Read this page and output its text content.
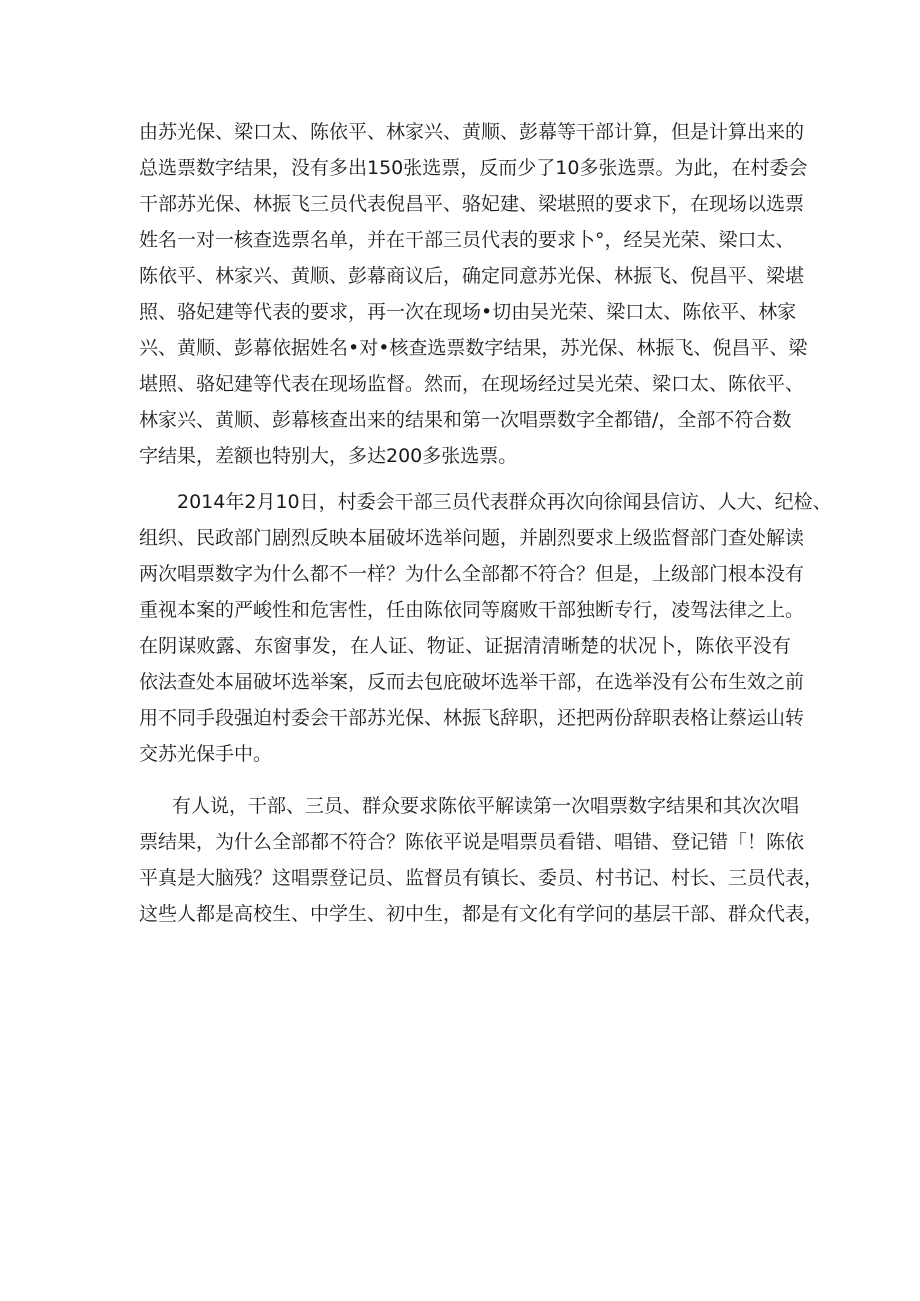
由苏光保、梁口太、陈依平、林家兴、黄顺、彭幕等干部计算，但是计算出来的
总选票数字结果，没有多出150张选票，反而少了10多张选票。为此，在村委会
干部苏光保、林振飞三员代表倪昌平、骆妃建、梁堪照的要求下，在现场以选票
姓名一对一核查选票名单，并在干部三员代表的要求卜°，经吴光荣、梁口太、
陈依平、林家兴、黄顺、彭幕商议后，确定同意苏光保、林振飞、倪昌平、梁堪
照、骆妃建等代表的要求，再一次在现场•切由吴光荣、梁口太、陈依平、林家
兴、黄顺、彭幕依据姓名•对•核查选票数字结果，苏光保、林振飞、倪昌平、梁
堪照、骆妃建等代表在现场监督。然而，在现场经过吴光荣、梁口太、陈依平、
林家兴、黄顺、彭幕核查出来的结果和第一次唱票数字全都错/，全部不符合数
字结果，差额也特别大，多达200多张选票。
2014年2月10日，村委会干部三员代表群众再次向徐闻县信访、人大、纪检、
组织、民政部门剧烈反映本届破坏选举问题，并剧烈要求上级监督部门查处解读
两次唱票数字为什么都不一样？为什么全部都不符合？但是，上级部门根本没有
重视本案的严峻性和危害性，任由陈依同等腐败干部独断专行，凌驾法律之上。
在阴谋败露、东窗事发，在人证、物证、证据清清晰楚的状况卜，陈依平没有
依法查处本届破坏选举案，反而去包庇破坏选举干部，在选举没有公布生效之前
用不同手段强迫村委会干部苏光保、林振飞辞职，还把两份辞职表格让蔡运山转
交苏光保手中。
有人说，干部、三员、群众要求陈依平解读第一次唱票数字结果和其次次唱
票结果，为什么全部都不符合？陈依平说是唱票员看错、唱错、登记错「！陈依
平真是大脑残？这唱票登记员、监督员有镇长、委员、村书记、村长、三员代表，
这些人都是高校生、中学生、初中生，都是有文化有学问的基层干部、群众代表，
